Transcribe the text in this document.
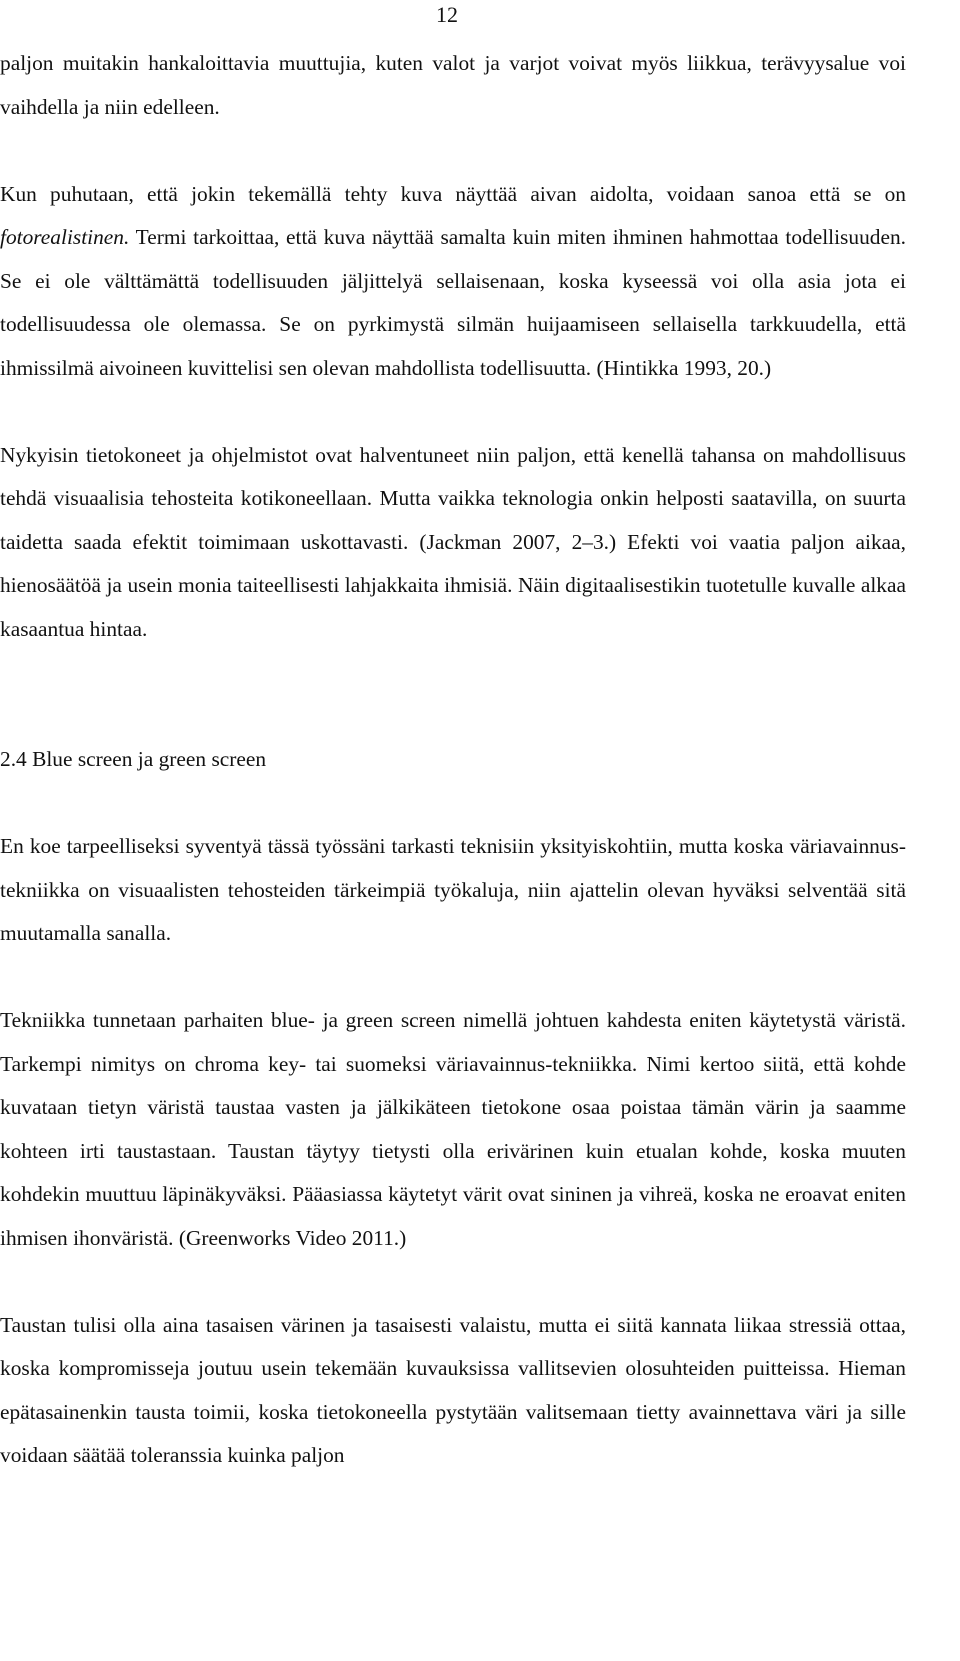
12

paljon muitakin hankaloittavia muuttujia, kuten valot ja varjot voivat myös liikkua, terävyysalue voi vaihdella ja niin edelleen.

Kun puhutaan, että jokin tekemällä tehty kuva näyttää aivan aidolta, voidaan sanoa että se on fotorealistinen. Termi tarkoittaa, että kuva näyttää samalta kuin miten ihminen hahmottaa todellisuuden. Se ei ole välttämättä todellisuuden jäljittelyä sellaisenaan, koska kyseessä voi olla asia jota ei todellisuudessa ole olemassa. Se on pyrkimystä silmän huijaamiseen sellaisella tarkkuudella, että ihmissilmä aivoineen kuvittelisi sen olevan mahdollista todellisuutta. (Hintikka 1993, 20.)

Nykyisin tietokoneet ja ohjelmistot ovat halventuneet niin paljon, että kenellä tahansa on mahdollisuus tehdä visuaalisia tehosteita kotikoneellaan. Mutta vaikka teknologia onkin helposti saatavilla, on suurta taidetta saada efektit toimimaan uskottavasti. (Jackman 2007, 2–3.) Efekti voi vaatia paljon aikaa, hienosäätöä ja usein monia taiteellisesti lahjakkaita ihmisiä. Näin digitaalisestikin tuotetulle kuvalle alkaa kasaantua hintaa.

2.4 Blue screen ja green screen

En koe tarpeelliseksi syventyä tässä työssäni tarkasti teknisiin yksityiskohtiin, mutta koska väriavainnus-tekniikka on visuaalisten tehosteiden tärkeimpiä työkaluja, niin ajattelin olevan hyväksi selventää sitä muutamalla sanalla.

Tekniikka tunnetaan parhaiten blue- ja green screen nimellä johtuen kahdesta eniten käytetystä väristä. Tarkempi nimitys on chroma key- tai suomeksi väriavainnus-tekniikka. Nimi kertoo siitä, että kohde kuvataan tietyn väristä taustaa vasten ja jälkikäteen tietokone osaa poistaa tämän värin ja saamme kohteen irti taustastaan. Taustan täytyy tietysti olla erivärinen kuin etualan kohde, koska muuten kohdekin muuttuu läpinäkyväksi. Pääasiassa käytetyt värit ovat sininen ja vihreä, koska ne eroavat eniten ihmisen ihonväristä. (Greenworks Video 2011.)

Taustan tulisi olla aina tasaisen värinen ja tasaisesti valaistu, mutta ei siitä kannata liikaa stressiä ottaa, koska kompromisseja joutuu usein tekemään kuvauksissa vallitsevien olosuhteiden puitteissa. Hieman epätasainenkin tausta toimii, koska tietokoneella pystytään valitsemaan tietty avainnettava väri ja sille voidaan säätää toleranssia kuinka paljon
